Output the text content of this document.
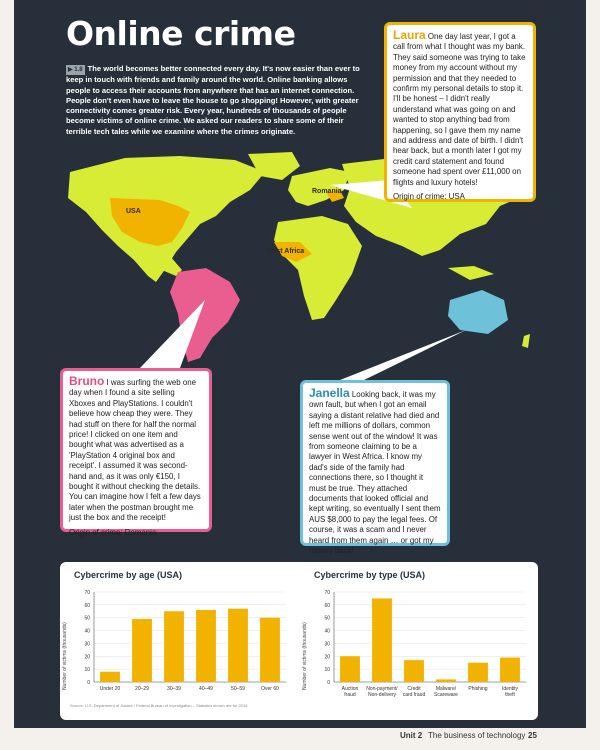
Online crime
▶ 1.8 The world becomes better connected every day. It's now easier than ever to keep in touch with friends and family around the world. Online banking allows people to access their accounts from anywhere that has an internet connection. People don't even have to leave the house to go shopping! However, with greater connectivity comes greater risk. Every year, hundreds of thousands of people become victims of online crime. We asked our readers to share some of their terrible tech tales while we examine where the crimes originate.
USA
Romania
West Africa
Laura One day last year, I got a call from what I thought was my bank. They said someone was trying to take money from my account without my permission and that they needed to confirm my personal details to stop it. I'll be honest – I didn't really understand what was going on and wanted to stop anything bad from happening, so I gave them my name and address and date of birth. I didn't hear back, but a month later I got my credit card statement and found someone had spent over £11,000 on flights and luxury hotels!
Origin of crime: USA
Bruno I was surfing the web one day when I found a site selling Xboxes and PlayStations. I couldn't believe how cheap they were. They had stuff on there for half the normal price! I clicked on one item and bought what was advertised as a 'PlayStation 4 original box and receipt'. I assumed it was second-hand and, as it was only €150, I bought it without checking the details. You can imagine how I felt a few days later when the postman brought me just the box and the receipt!
Origin of crime: Romania
Janella Looking back, it was my own fault, but when I got an email saying a distant relative had died and left me millions of dollars, common sense went out of the window! It was from someone claiming to be a lawyer in West Africa. I know my dad's side of the family had connections there, so I thought it must be true. They attached documents that looked official and kept writing, so eventually I sent them AUS $8,000 to pay the legal fees. Of course, it was a scam and I never heard from them again … or got my money back!
Cybercrime by age (USA)	Cybercrime by type (USA)
Number of victims (thousands)	Number of victims (thousands)
0
10
20
30
40
50
60
70
Under 20	20–29	30–39	40–49	50–59	Over 60
0
10
20
30
40
50
60
70
Auction fraud
Non-payment/ Non-delivery
Credit card fraud
Malware/ Scareware
Phishing	Identity theft
Source: U.S. Department of Justice / Federal Bureau of Investigation – Statistics shown are for 2016
Unit 2 The business of technology 25
